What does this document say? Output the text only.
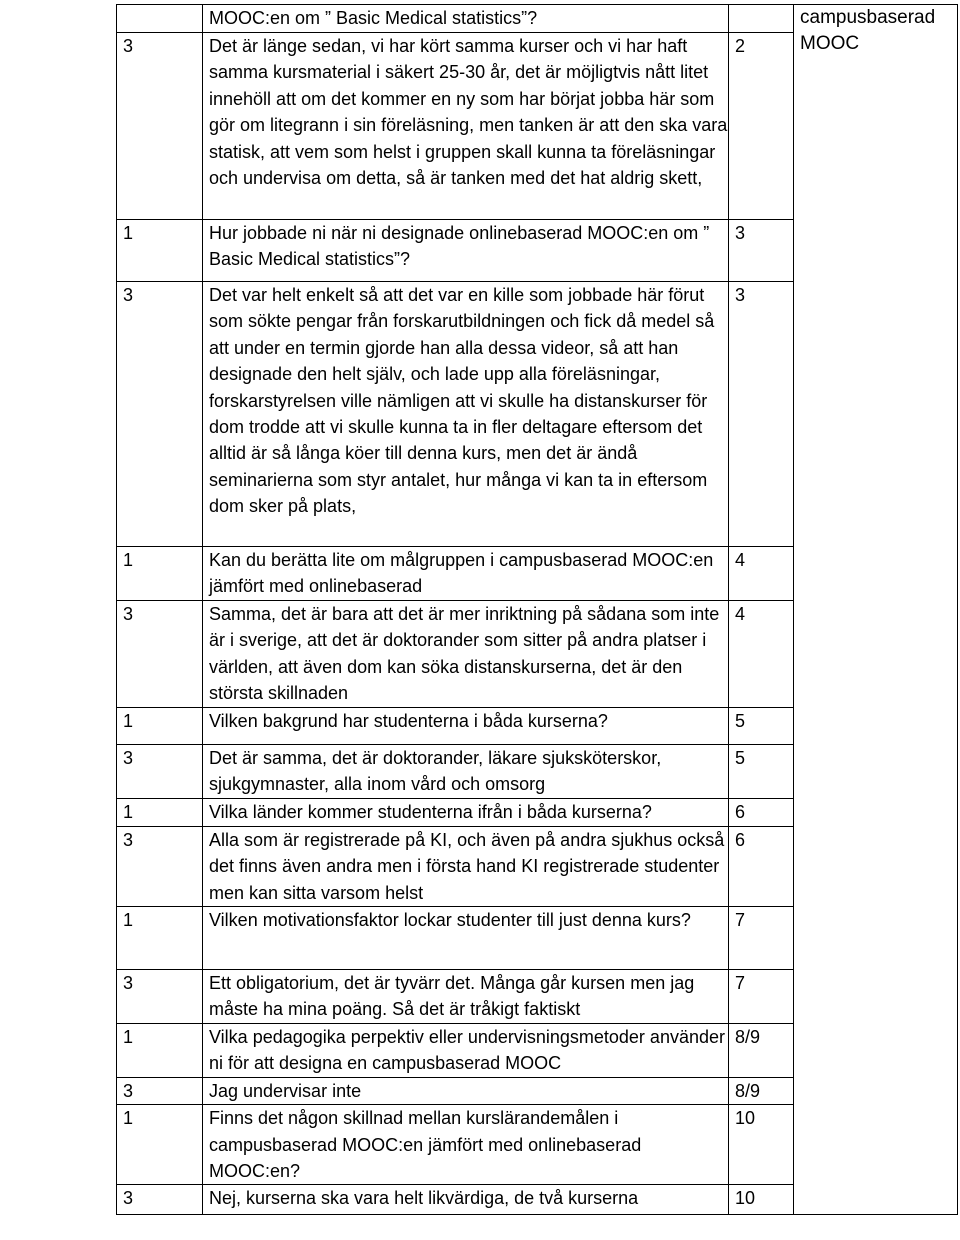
	MOOC:en om ” Basic Medical statistics”?		campusbaserad MOOC
3	Det är länge sedan, vi har kört samma kurser och vi har haft samma kursmaterial i säkert 25-30 år, det är möjligtvis nått litet innehöll att om det kommer en ny som har börjat jobba här som gör om litegrann i sin föreläsning, men tanken är att den ska vara statisk, att vem som helst i gruppen skall kunna ta föreläsningar och undervisa om detta, så är tanken med det hat aldrig skett,	2	
1	Hur jobbade ni när ni designade onlinebaserad MOOC:en om ” Basic Medical statistics”?	3	
3	Det var helt enkelt så att det var en kille som jobbade här förut som sökte pengar från forskarutbildningen och fick då medel så att under en termin gjorde han alla dessa videor, så att han designade den helt själv, och lade upp alla föreläsningar, forskarstyrelsen ville nämligen att vi skulle ha distanskurser för dom trodde att vi skulle kunna ta in fler deltagare eftersom det alltid är så långa köer till denna kurs, men det är ändå seminarierna som styr antalet, hur många vi kan ta in eftersom dom sker på plats,	3	
1	Kan du berätta lite om målgruppen i campusbaserad MOOC:en jämfört med onlinebaserad	4	
3	Samma, det är bara att det är mer inriktning på sådana som inte är i sverige, att det är doktorander som sitter på andra platser i världen, att även dom kan söka distanskurserna, det är den största skillnaden	4	
1	Vilken bakgrund har studenterna i båda kurserna?	5	
3	Det är samma, det är doktorander, läkare sjuksköterskor, sjukgymnaster, alla inom vård och omsorg	5	
1	Vilka länder kommer studenterna ifrån i båda kurserna?	6	
3	Alla som är registrerade på KI, och även på andra sjukhus också det finns även andra men i första hand KI registrerade studenter men kan sitta varsom helst	6	
1	Vilken motivationsfaktor lockar studenter till just denna kurs?	7	
3	Ett obligatorium, det är tyvärr det. Många går kursen men jag måste ha mina poäng. Så det är tråkigt faktiskt	7	
1	Vilka pedagogika perpektiv eller undervisningsmetoder använder ni för att designa en campusbaserad MOOC	8/9	
3	Jag undervisar inte	8/9	
1	Finns det någon skillnad mellan kurslärandemålen i campusbaserad MOOC:en jämfört med onlinebaserad MOOC:en?	10	
3	Nej, kurserna ska vara helt likvärdiga, de två kurserna	10	
